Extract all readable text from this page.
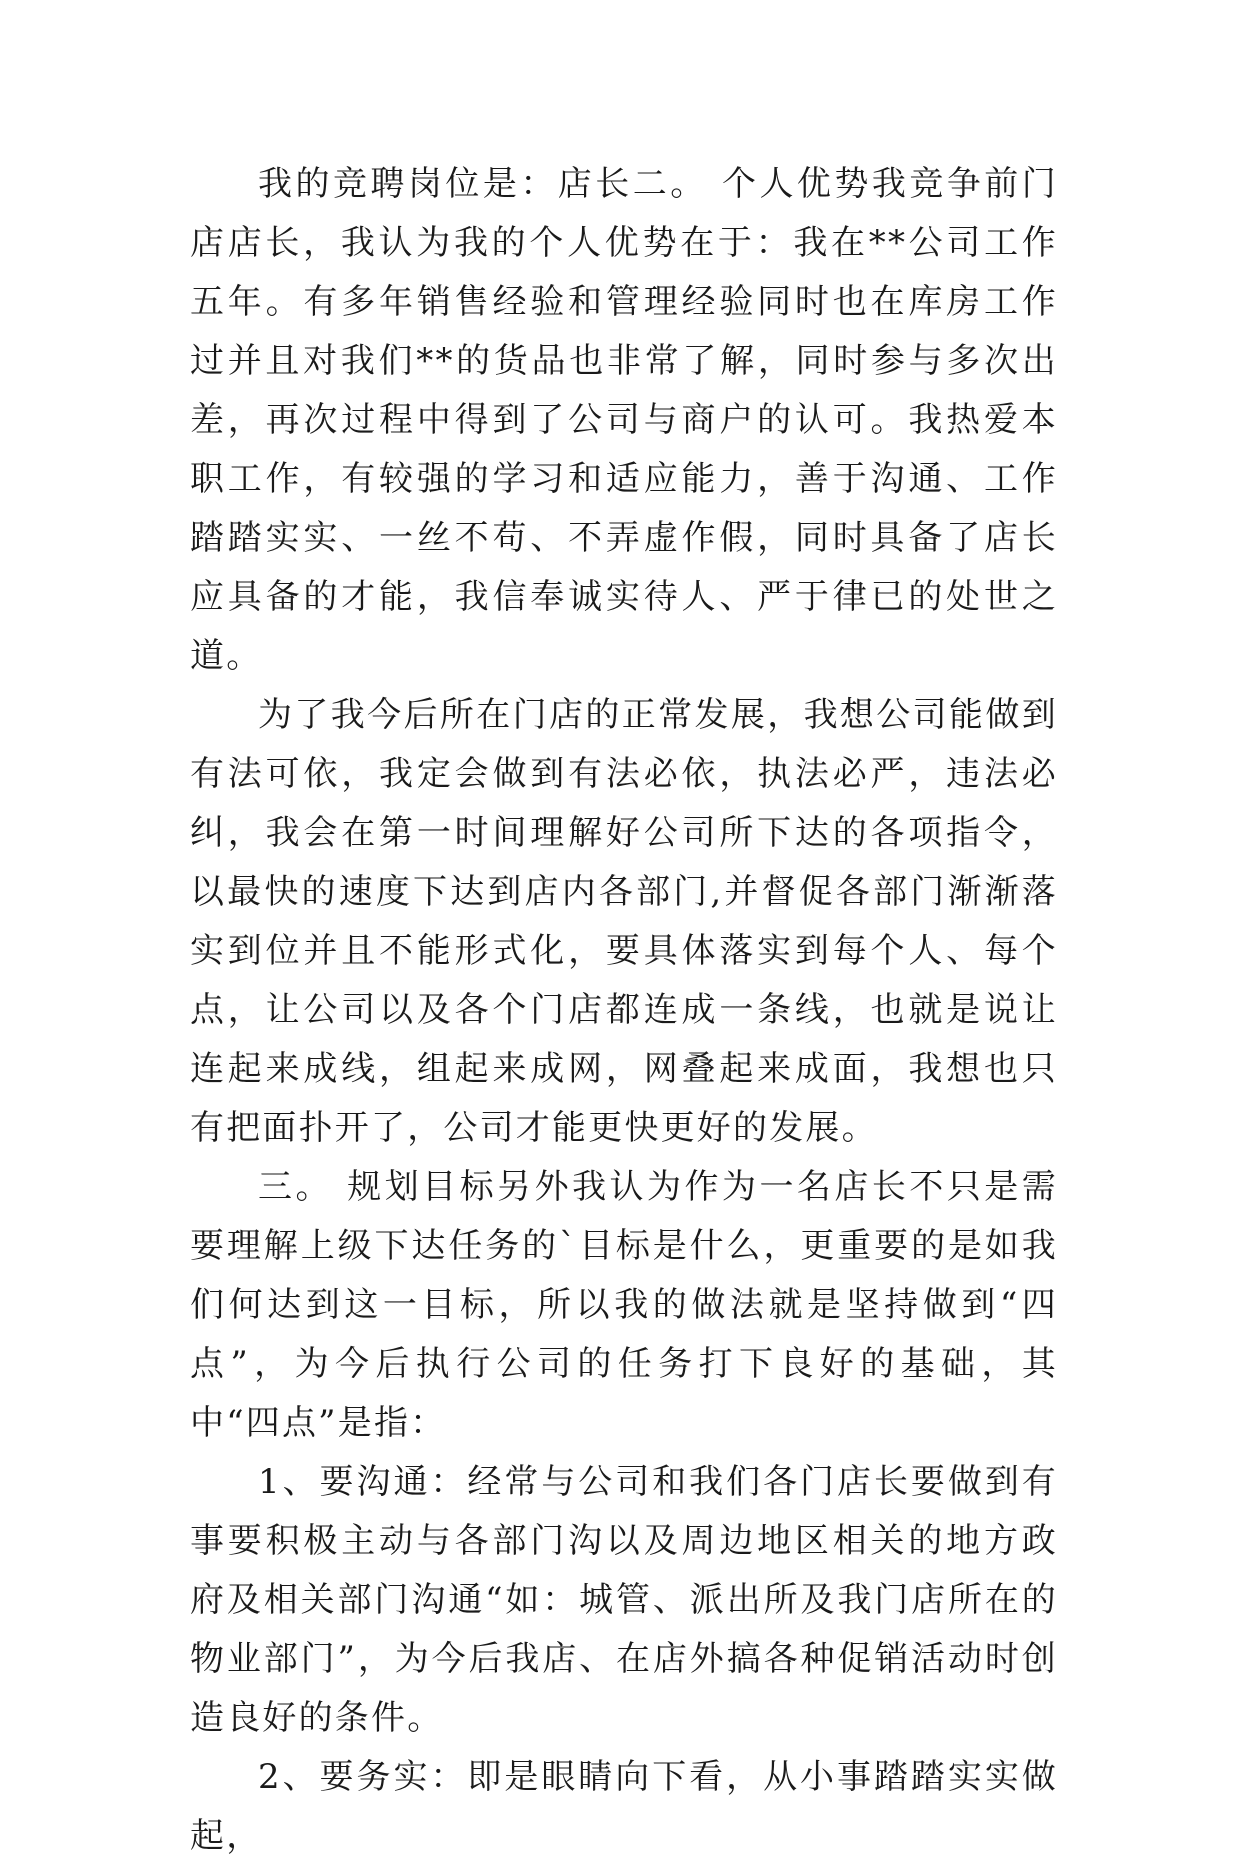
我的竞聘岗位是：店长二。 个人优势我竞争前门店店长，我认为我的个人优势在于：我在**公司工作五年。有多年销售经验和管理经验同时也在库房工作过并且对我们**的货品也非常了解，同时参与多次出差，再次过程中得到了公司与商户的认可。我热爱本职工作，有较强的学习和适应能力，善于沟通、工作踏踏实实、一丝不苟、不弄虚作假，同时具备了店长应具备的才能，我信奉诚实待人、严于律已的处世之道。

为了我今后所在门店的正常发展，我想公司能做到有法可依，我定会做到有法必依，执法必严，违法必纠，我会在第一时间理解好公司所下达的各项指令，以最快的速度下达到店内各部门,并督促各部门渐渐落实到位并且不能形式化，要具体落实到每个人、每个点，让公司以及各个门店都连成一条线，也就是说让连起来成线，组起来成网，网叠起来成面，我想也只有把面扑开了，公司才能更快更好的发展。

三。 规划目标另外我认为作为一名店长不只是需要理解上级下达任务的`目标是什么，更重要的是如我们何达到这一目标，所以我的做法就是坚持做到“四点”，为今后执行公司的任务打下良好的基础，其中“四点”是指：

1、要沟通：经常与公司和我们各门店长要做到有事要积极主动与各部门沟以及周边地区相关的地方政府及相关部门沟通“如：城管、派出所及我门店所在的物业部门”，为今后我店、在店外搞各种促销活动时创造良好的条件。

2、要务实：即是眼睛向下看，从小事踏踏实实做起，
